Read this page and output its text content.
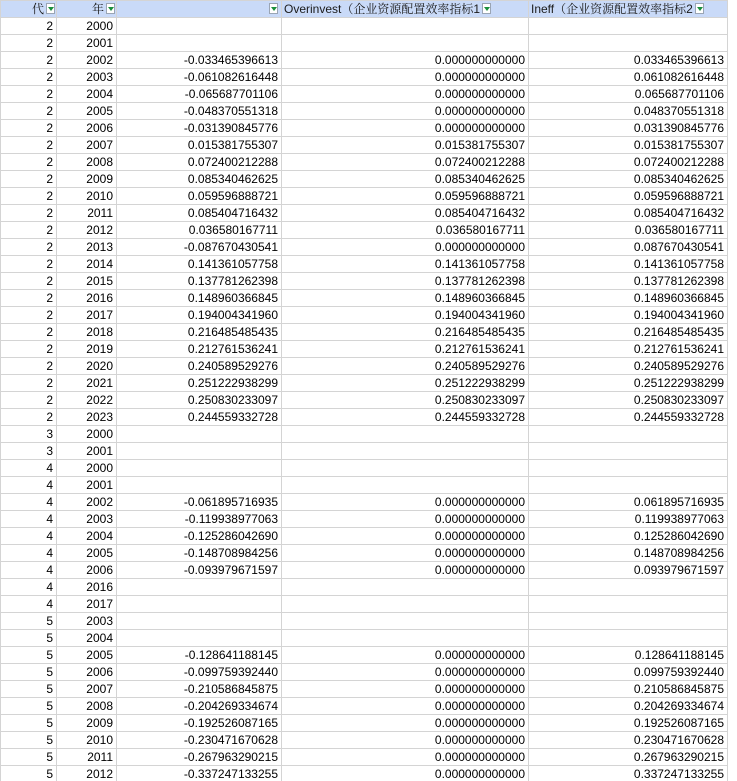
代	年		Overinvest（企业资源配置效率指标1	Ineff（企业资源配置效率指标2
2	2000			
2	2001			
2	2002	-0.033465396613	0.000000000000	0.033465396613
2	2003	-0.061082616448	0.000000000000	0.061082616448
2	2004	-0.065687701106	0.000000000000	0.065687701106
2	2005	-0.048370551318	0.000000000000	0.048370551318
2	2006	-0.031390845776	0.000000000000	0.031390845776
2	2007	0.015381755307	0.015381755307	0.015381755307
2	2008	0.072400212288	0.072400212288	0.072400212288
2	2009	0.085340462625	0.085340462625	0.085340462625
2	2010	0.059596888721	0.059596888721	0.059596888721
2	2011	0.085404716432	0.085404716432	0.085404716432
2	2012	0.036580167711	0.036580167711	0.036580167711
2	2013	-0.087670430541	0.000000000000	0.087670430541
2	2014	0.141361057758	0.141361057758	0.141361057758
2	2015	0.137781262398	0.137781262398	0.137781262398
2	2016	0.148960366845	0.148960366845	0.148960366845
2	2017	0.194004341960	0.194004341960	0.194004341960
2	2018	0.216485485435	0.216485485435	0.216485485435
2	2019	0.212761536241	0.212761536241	0.212761536241
2	2020	0.240589529276	0.240589529276	0.240589529276
2	2021	0.251222938299	0.251222938299	0.251222938299
2	2022	0.250830233097	0.250830233097	0.250830233097
2	2023	0.244559332728	0.244559332728	0.244559332728
3	2000			
3	2001			
4	2000			
4	2001			
4	2002	-0.061895716935	0.000000000000	0.061895716935
4	2003	-0.119938977063	0.000000000000	0.119938977063
4	2004	-0.125286042690	0.000000000000	0.125286042690
4	2005	-0.148708984256	0.000000000000	0.148708984256
4	2006	-0.093979671597	0.000000000000	0.093979671597
4	2016			
4	2017			
5	2003			
5	2004			
5	2005	-0.128641188145	0.000000000000	0.128641188145
5	2006	-0.099759392440	0.000000000000	0.099759392440
5	2007	-0.210586845875	0.000000000000	0.210586845875
5	2008	-0.204269334674	0.000000000000	0.204269334674
5	2009	-0.192526087165	0.000000000000	0.192526087165
5	2010	-0.230471670628	0.000000000000	0.230471670628
5	2011	-0.267963290215	0.000000000000	0.267963290215
5	2012	-0.337247133255	0.000000000000	0.337247133255
